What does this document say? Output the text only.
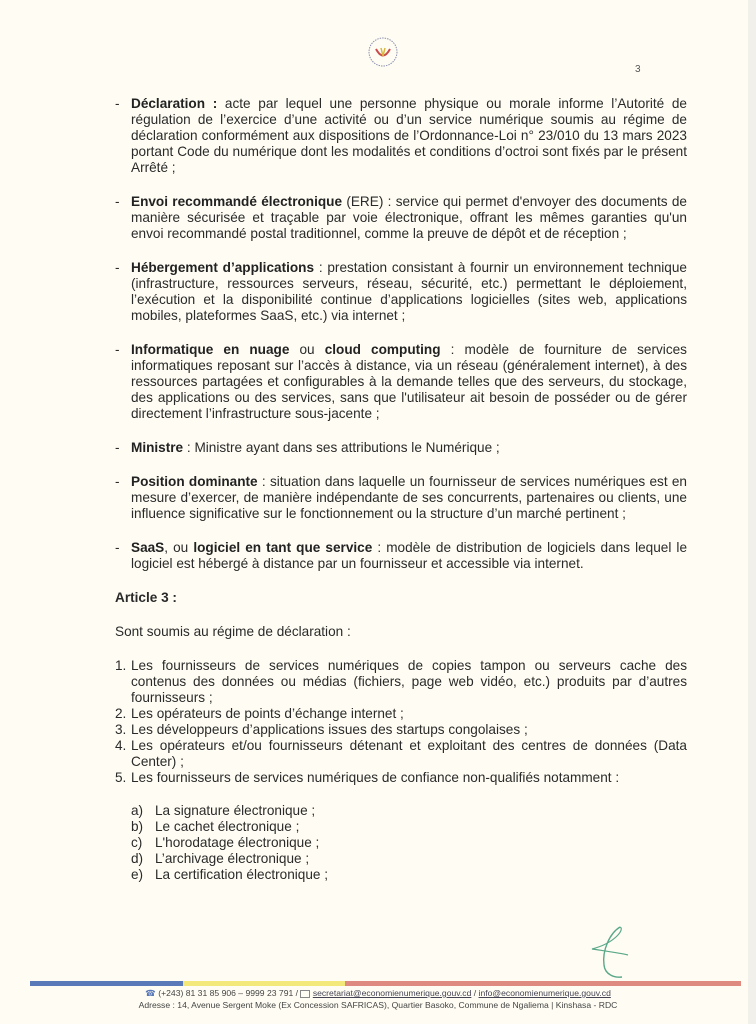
3
- Déclaration : acte par lequel une personne physique ou morale informe l’Autorité de régulation de l’exercice d’une activité ou d’un service numérique soumis au régime de déclaration conformément aux dispositions de l’Ordonnance-Loi n° 23/010 du 13 mars 2023 portant Code du numérique dont les modalités et conditions d’octroi sont fixés par le présent Arrêté ;
- Envoi recommandé électronique (ERE) : service qui permet d'envoyer des documents de manière sécurisée et traçable par voie électronique, offrant les mêmes garanties qu'un envoi recommandé postal traditionnel, comme la preuve de dépôt et de réception ;
- Hébergement d’applications : prestation consistant à fournir un environnement technique (infrastructure, ressources serveurs, réseau, sécurité, etc.) permettant le déploiement, l’exécution et la disponibilité continue d’applications logicielles (sites web, applications mobiles, plateformes SaaS, etc.) via internet ;
- Informatique en nuage ou cloud computing : modèle de fourniture de services informatiques reposant sur l’accès à distance, via un réseau (généralement internet), à des ressources partagées et configurables à la demande telles que des serveurs, du stockage, des applications ou des services, sans que l'utilisateur ait besoin de posséder ou de gérer directement l’infrastructure sous-jacente ;
- Ministre : Ministre ayant dans ses attributions le Numérique ;
- Position dominante : situation dans laquelle un fournisseur de services numériques est en mesure d’exercer, de manière indépendante de ses concurrents, partenaires ou clients, une influence significative sur le fonctionnement ou la structure d’un marché pertinent ;
- SaaS, ou logiciel en tant que service : modèle de distribution de logiciels dans lequel le logiciel est hébergé à distance par un fournisseur et accessible via internet.
Article 3 :
Sont soumis au régime de déclaration :
1. Les fournisseurs de services numériques de copies tampon ou serveurs cache des contenus des données ou médias (fichiers, page web vidéo, etc.) produits par d’autres fournisseurs ;
2. Les opérateurs de points d’échange internet ;
3. Les développeurs d’applications issues des startups congolaises ;
4. Les opérateurs et/ou fournisseurs détenant et exploitant des centres de données (Data Center) ;
5. Les fournisseurs de services numériques de confiance non-qualifiés notamment :
a) La signature électronique ;
b) Le cachet électronique ;
c) L'horodatage électronique ;
d) L’archivage électronique ;
e) La certification électronique ;
☎ (+243) 81 31 85 906 – 9999 23 791 /  secretariat@economienumerique.gouv.cd / info@economienumerique.gouv.cd
Adresse : 14, Avenue Sergent Moke (Ex Concession SAFRICAS), Quartier Basoko, Commune de Ngaliema | Kinshasa - RDC
